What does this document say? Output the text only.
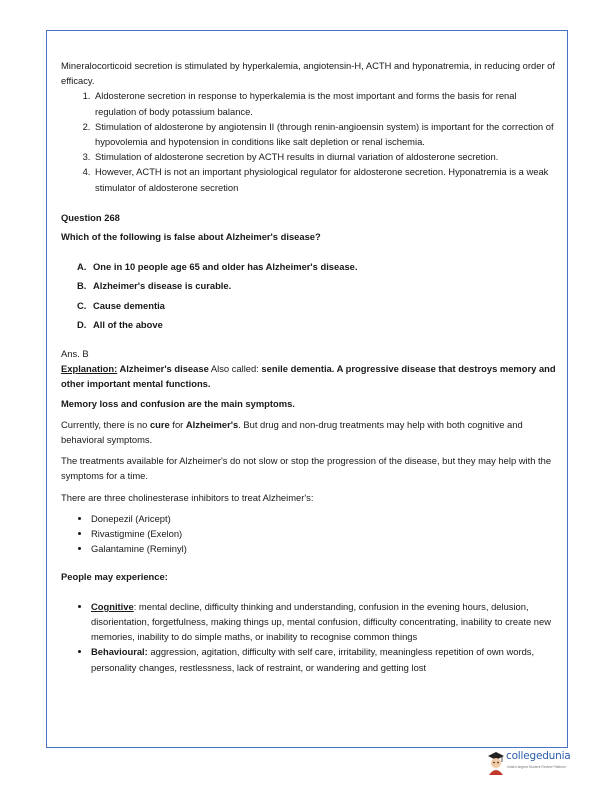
Mineralocorticoid secretion is stimulated by hyperkalemia, angiotensin-H, ACTH and hyponatremia, in reducing order of efficacy.

1. Aldosterone secretion in response to hyperkalemia is the most important and forms the basis for renal regulation of body potassium balance.
2. Stimulation of aldosterone by angiotensin II (through renin-angioensin system) is important for the correction of hypovolemia and hypotension in conditions like salt depletion or renal ischemia.
3. Stimulation of aldosterone secretion by ACTH results in diurnal variation of aldosterone secretion.
4. However, ACTH is not an important physiological regulator for aldosterone secretion. Hyponatremia is a weak stimulator of aldosterone secretion

Question 268

Which of the following is false about Alzheimer's disease?

A. One in 10 people age 65 and older has Alzheimer's disease.
B. Alzheimer's disease is curable.
C. Cause dementia
D. All of the above

Ans. B

Explanation: Alzheimer's disease Also called: senile dementia. A progressive disease that destroys memory and other important mental functions.

Memory loss and confusion are the main symptoms.

Currently, there is no cure for Alzheimer's. But drug and non-drug treatments may help with both cognitive and behavioral symptoms.

The treatments available for Alzheimer's do not slow or stop the progression of the disease, but they may help with the symptoms for a time.

There are three cholinesterase inhibitors to treat Alzheimer's:

• Donepezil (Aricept)
• Rivastigmine (Exelon)
• Galantamine (Reminyl)

People may experience:

• Cognitive: mental decline, difficulty thinking and understanding, confusion in the evening hours, delusion, disorientation, forgetfulness, making things up, mental confusion, difficulty concentrating, inability to create new memories, inability to do simple maths, or inability to recognise common things
• Behavioural: aggression, agitation, difficulty with self care, irritability, meaningless repetition of own words, personality changes, restlessness, lack of restraint, or wandering and getting lost
collegedunia
India's largest Student Review Platform
